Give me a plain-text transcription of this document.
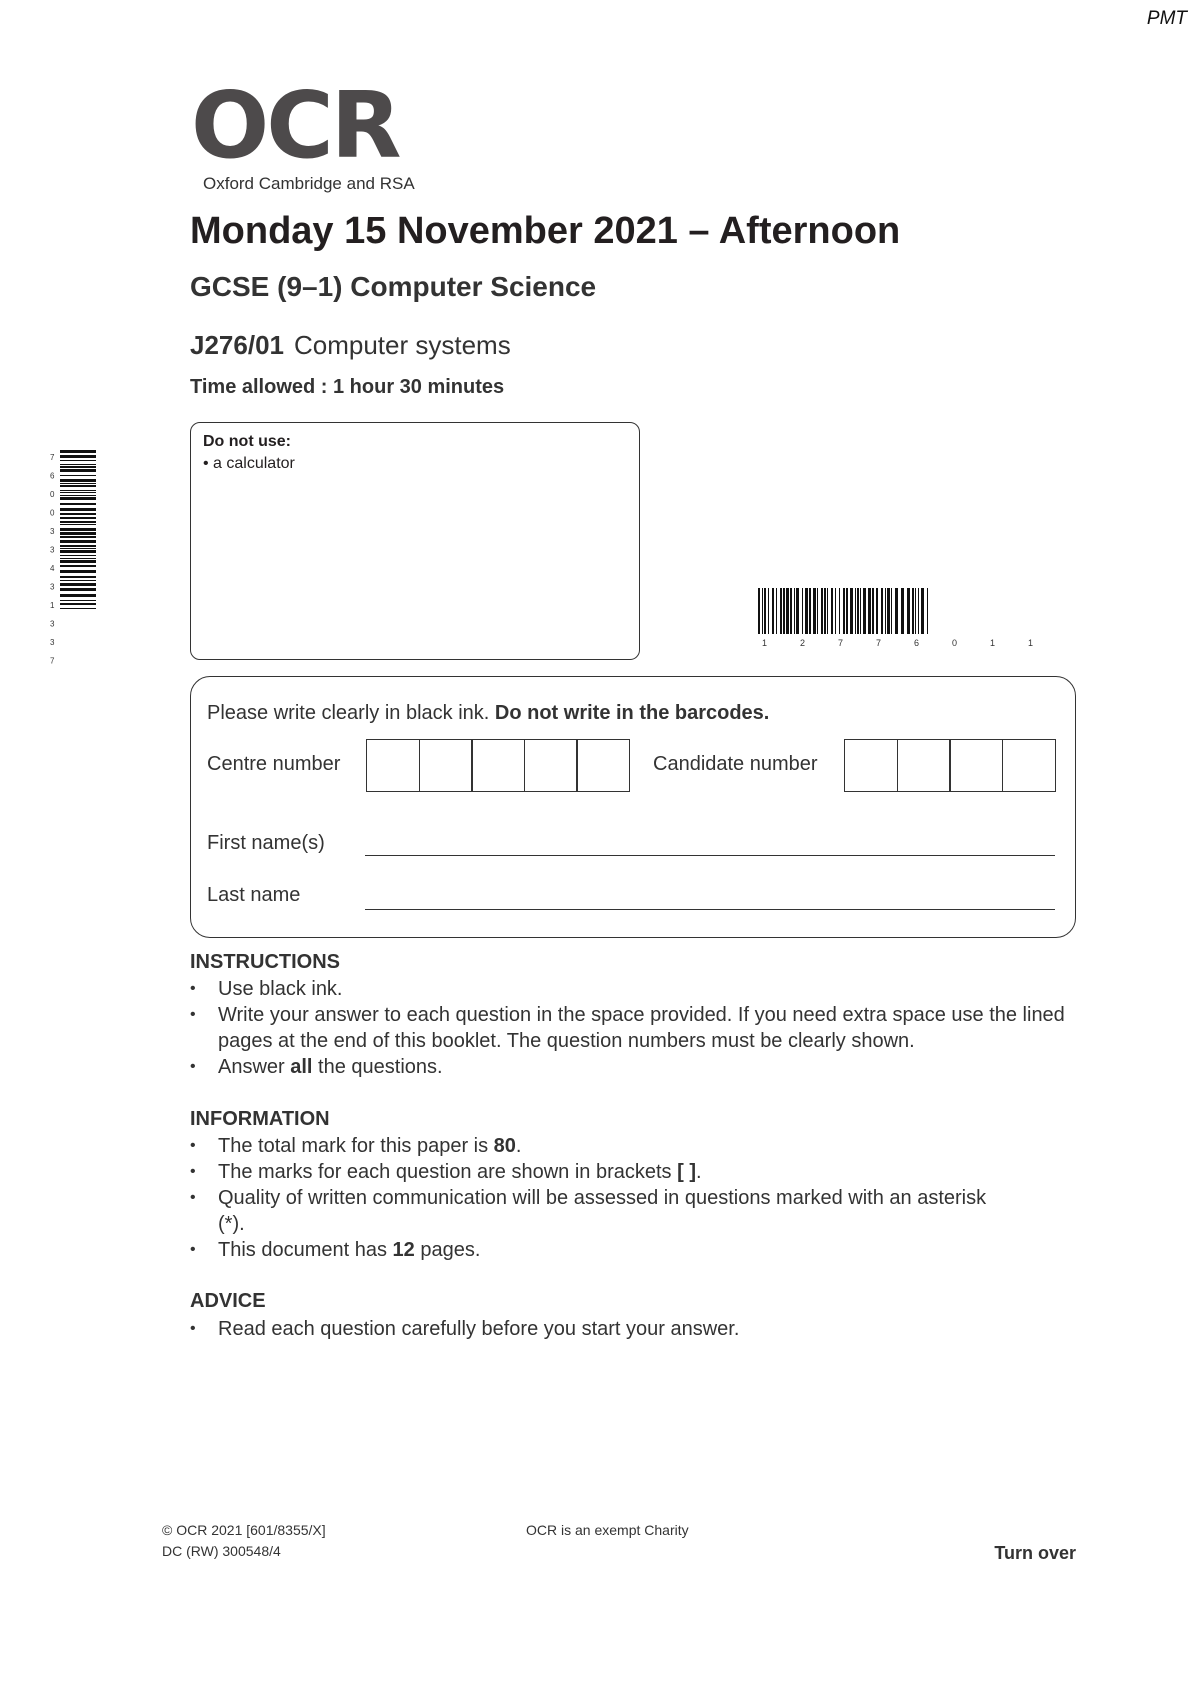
PMT
OCR
Oxford Cambridge and RSA
Monday 15 November 2021 – Afternoon
GCSE (9–1) Computer Science
J276/01 Computer systems
Time allowed : 1 hour 30 minutes
Do not use:
• a calculator
7
6
0
0
3
3
4
3
1
3
3
7
1	2	7	7	6	0	1	1
Please write clearly in black ink. Do not write in the barcodes.
Centre number	Candidate number
First name(s)
Last name
INSTRUCTIONS
• Use black ink.
• Write your answer to each question in the space provided. If you need extra space use the lined pages at the end of this booklet. The question numbers must be clearly shown.
• Answer all the questions.
INFORMATION
• The total mark for this paper is 80.
• The marks for each question are shown in brackets [ ].
• Quality of written communication will be assessed in questions marked with an asterisk (*).
• This document has 12 pages.
ADVICE
• Read each question carefully before you start your answer.
© OCR 2021 [601/8355/X]
DC (RW) 300548/4
OCR is an exempt Charity
Turn over
